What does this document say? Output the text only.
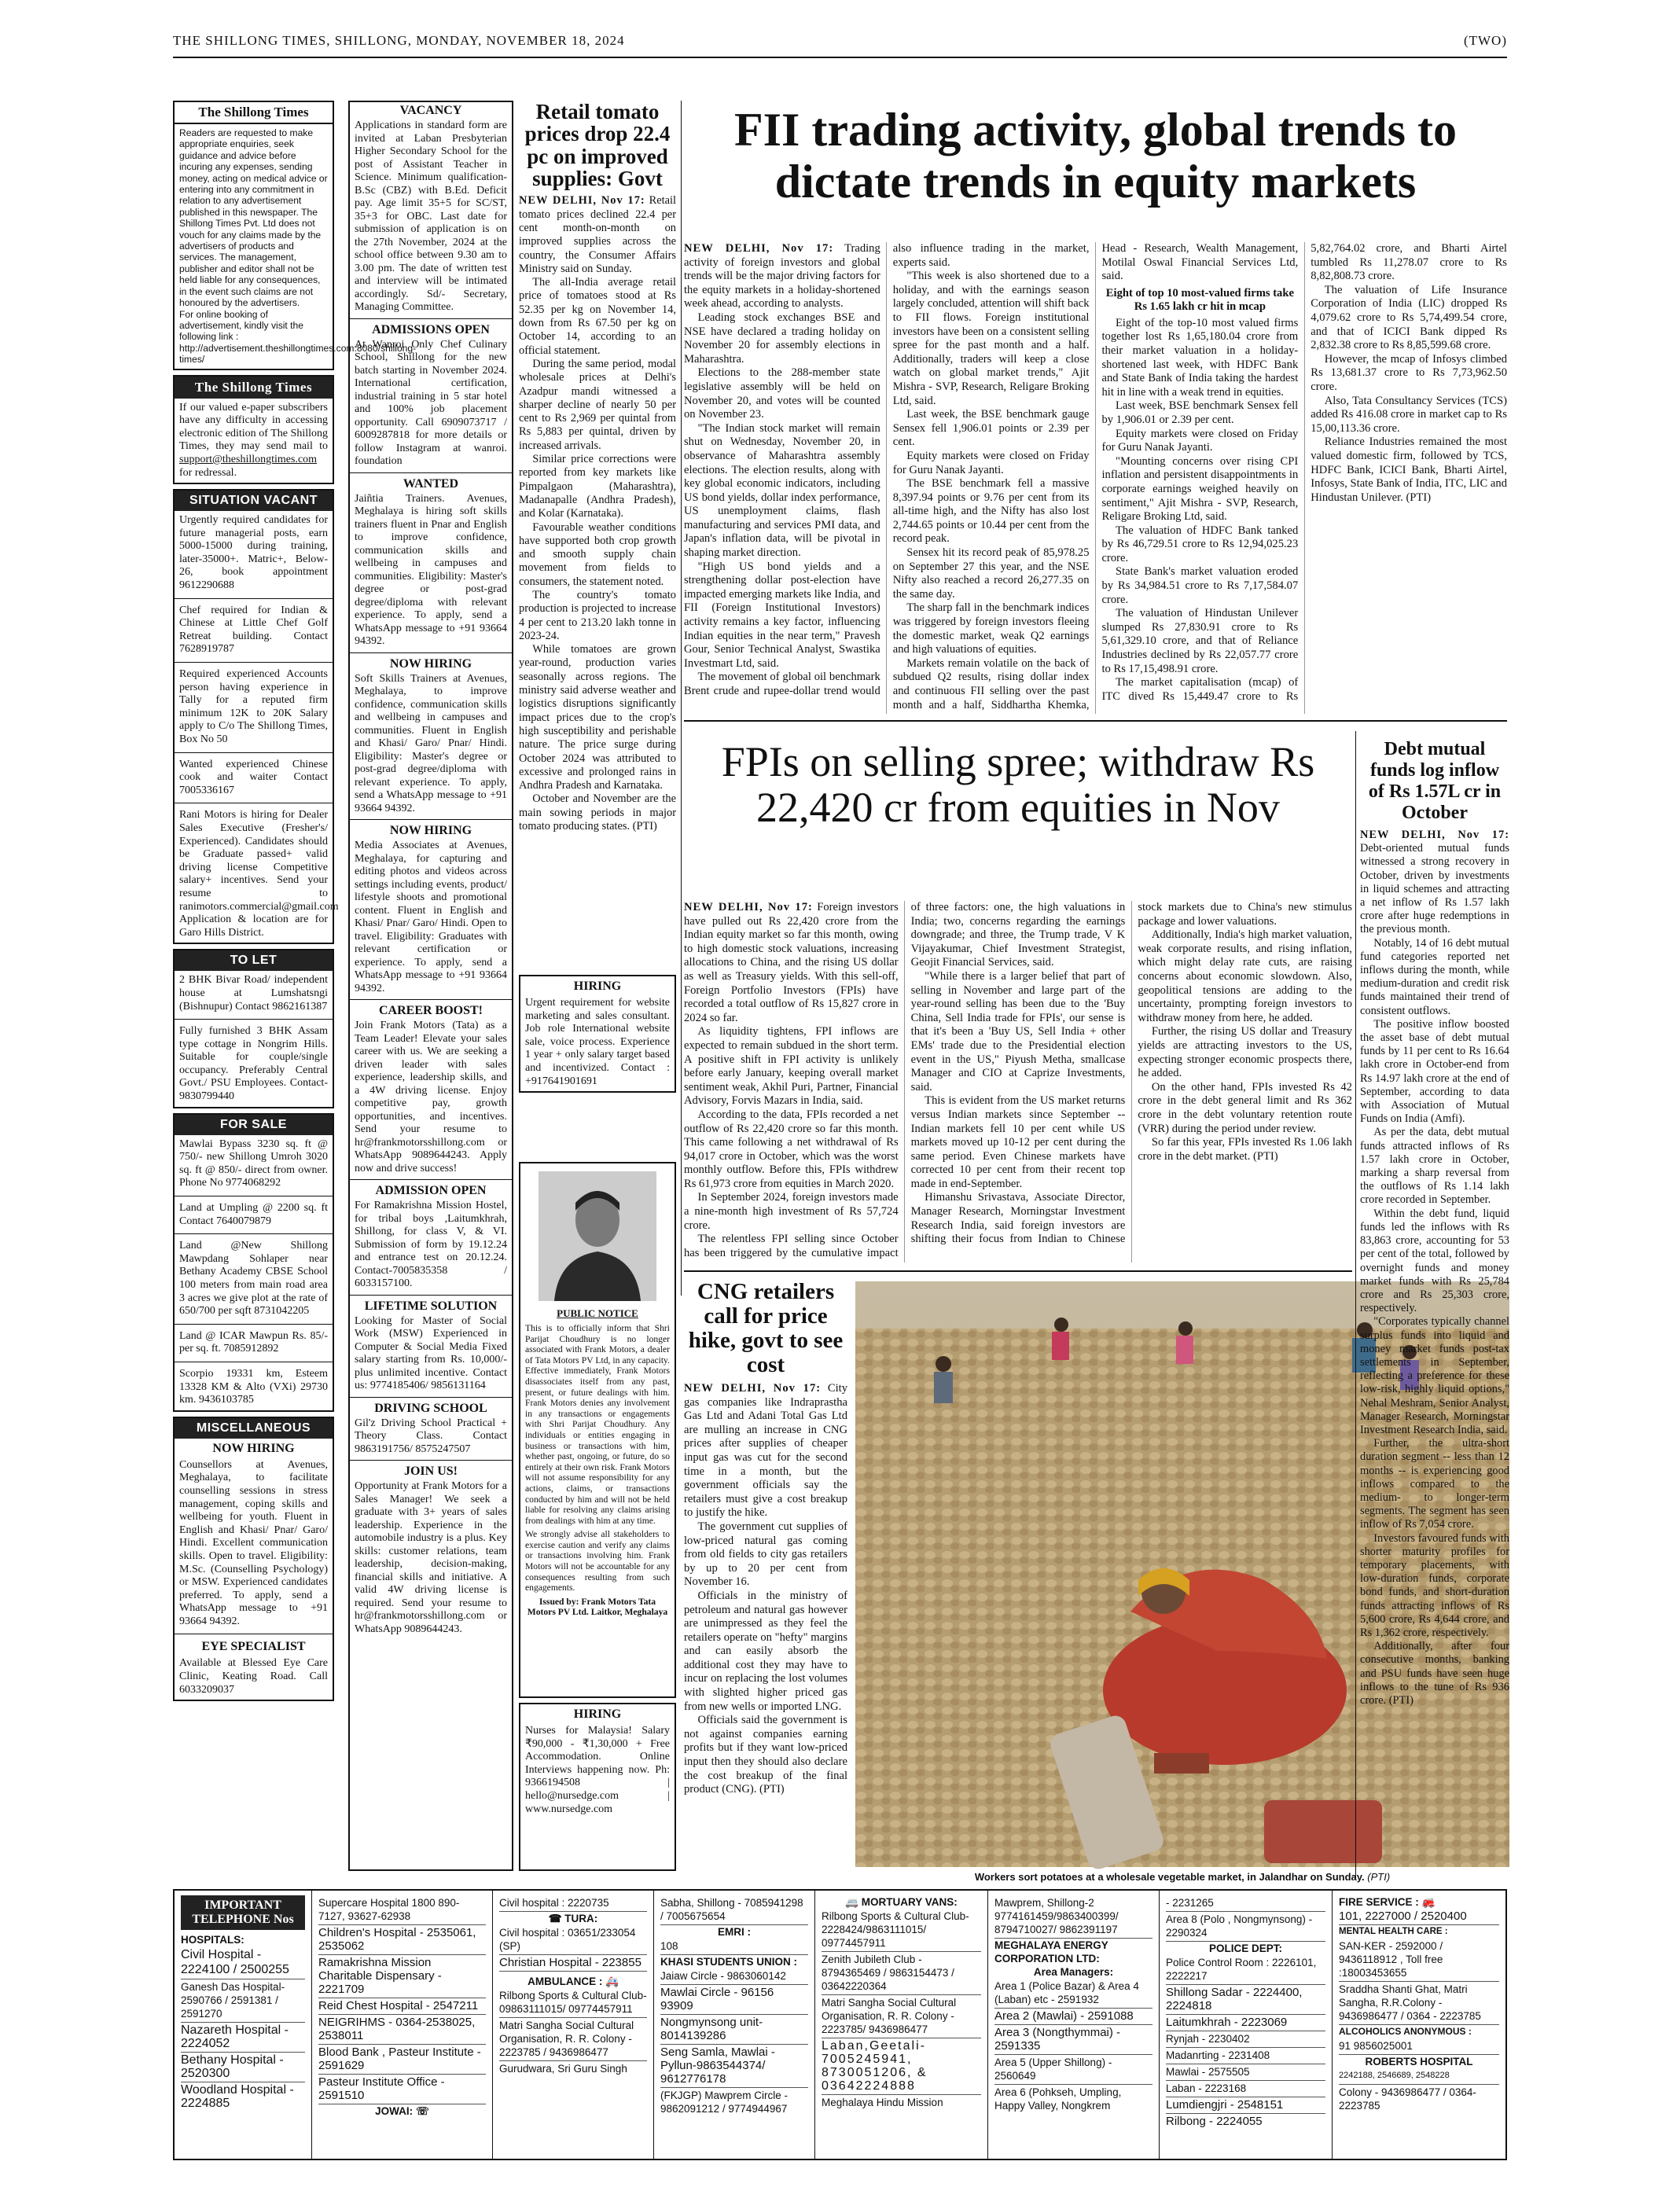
THE SHILLONG TIMES, SHILLONG, MONDAY, NOVEMBER 18, 2024	(TWO)
The Shillong Times
Readers are requested to make appropriate enquiries, seek guidance and advice before incuring any expenses, sending money, acting on medical advice or entering into any commitment in relation to any advertisement published in this newspaper. The Shillong Times Pvt. Ltd does not vouch for any claims made by the advertisers of products and services. The management, publisher and editor shall not be held liable for any consequences, in the event such claims are not honoured by the advertisers.
For online booking of advertisement, kindly visit the following link :
http://advertisement.theshillongtimes.com:8080/shillong-times/
The Shillong Times
If our valued e-paper subscribers have any difficulty in accessing electronic edition of The Shillong Times, they may send mail to support@theshillongtimes.com for redressal.
SITUATION VACANT
Urgently required candidates for future managerial posts, earn 5000-15000 during training, later-35000+. Matric+, Below-26, book appointment 9612290688
Chef required for Indian & Chinese at Little Chef Golf Retreat building. Contact 7628919787
Required experienced Accounts person having experience in Tally for a reputed firm minimum 12K to 20K Salary apply to C/o The Shillong Times, Box No 50
Wanted experienced Chinese cook and waiter Contact 7005336167
Rani Motors is hiring for Dealer Sales Executive (Fresher's/ Experienced). Candidates should be Graduate passed+ valid driving license Competitive salary+ incentives. Send your resume to ranimotors.commercial@gmail.com Application & location are for Garo Hills District.
TO LET
2 BHK Bivar Road/ independent house at Lumshatsngi (Bishnupur) Contact 9862161387
Fully furnished 3 BHK Assam type cottage in Nongrim Hills. Suitable for couple/single occupancy. Preferably Central Govt./ PSU Employees. Contact- 9830799440
FOR SALE
Mawlai Bypass 3230 sq. ft @ 750/- new Shillong Umroh 3020 sq. ft @ 850/- direct from owner. Phone No 9774068292
Land at Umpling @ 2200 sq. ft Contact 7640079879
Land @New Shillong Mawpdang Sohlaper near Bethany Academy CBSE School 100 meters from main road area 3 acres we give plot at the rate of 650/700 per sqft 8731042205
Land @ ICAR Mawpun Rs. 85/- per sq. ft. 7085912892
Scorpio 19331 km, Esteem 13328 KM & Alto (VXi) 29730 km. 9436103785
MISCELLANEOUS
NOW HIRING
Counsellors at Avenues, Meghalaya, to facilitate counselling sessions in stress management, coping skills and wellbeing for youth. Fluent in English and Khasi/ Pnar/ Garo/ Hindi. Excellent communication skills. Open to travel. Eligibility: M.Sc. (Counselling Psychology) or MSW. Experienced candidates preferred. To apply, send a WhatsApp message to +91 93664 94392.
EYE SPECIALIST
Available at Blessed Eye Care Clinic, Keating Road. Call 6033209037
VACANCY
Applications in standard form are invited at Laban Presbyterian Higher Secondary School for the post of Assistant Teacher in Science. Minimum qualification- B.Sc (CBZ) with B.Ed. Deficit pay. Age limit 35+5 for SC/ST, 35+3 for OBC. Last date for submission of application is on the 27th November, 2024 at the school office between 9.30 am to 3.00 pm. The date of written test and interview will be intimated accordingly. Sd/- Secretary, Managing Committee.
ADMISSIONS OPEN
At Wanroi Only Chef Culinary School, Shillong for the new batch starting in November 2024. International certification, industrial training in 5 star hotel and 100% job placement opportunity. Call 6909073717 / 6009287818 for more details or follow Instagram at wanroi. foundation
WANTED
Jaiñtia Trainers. Avenues, Meghalaya is hiring soft skills trainers fluent in Pnar and English to improve confidence, communication skills and wellbeing in campuses and communities. Eligibility: Master's degree or post-grad degree/diploma with relevant experience. To apply, send a WhatsApp message to +91 93664 94392.
NOW HIRING
Soft Skills Trainers at Avenues, Meghalaya, to improve confidence, communication skills and wellbeing in campuses and communities. Fluent in English and Khasi/ Garo/ Pnar/ Hindi. Eligibility: Master's degree or post-grad degree/diploma with relevant experience. To apply, send a WhatsApp message to +91 93664 94392.
NOW HIRING
Media Associates at Avenues, Meghalaya, for capturing and editing photos and videos across settings including events, product/ lifestyle shoots and promotional content. Fluent in English and Khasi/ Pnar/ Garo/ Hindi. Open to travel. Eligibility: Graduates with relevant certification or experience. To apply, send a WhatsApp message to +91 93664 94392.
CAREER BOOST!
Join Frank Motors (Tata) as a Team Leader! Elevate your sales career with us. We are seeking a driven leader with sales experience, leadership skills, and a 4W driving license. Enjoy competitive pay, growth opportunities, and incentives. Send your resume to hr@frankmotorsshillong.com or WhatsApp 9089644243. Apply now and drive success!
ADMISSION OPEN
For Ramakrishna Mission Hostel, for tribal boys ,Laitumkhrah, Shillong, for class V, & VI. Submission of form by 19.12.24 and entrance test on 20.12.24. Contact-7005835358 / 6033157100.
LIFETIME SOLUTION
Looking for Master of Social Work (MSW) Experienced in Computer & Social Media Fixed salary starting from Rs. 10,000/- plus unlimited incentive. Contact us: 9774185406/ 9856131164
DRIVING SCHOOL
Gil'z Driving School Practical + Theory Class. Contact 9863191756/ 8575247507
JOIN US!
Opportunity at Frank Motors for a Sales Manager! We seek a graduate with 3+ years of sales leadership. Experience in the automobile industry is a plus. Key skills: customer relations, team leadership, decision-making, financial skills and initiative. A valid 4W driving license is required. Send your resume to hr@frankmotorsshillong.com or WhatsApp 9089644243.
Retail tomato prices drop 22.4 pc on improved supplies: Govt
NEW DELHI, Nov 17: Retail tomato prices declined 22.4 per cent month-on-month on improved supplies across the country, the Consumer Affairs Ministry said on Sunday.

The all-India average retail price of tomatoes stood at Rs 52.35 per kg on November 14, down from Rs 67.50 per kg on October 14, according to an official statement.

During the same period, modal wholesale prices at Delhi's Azadpur mandi witnessed a sharper decline of nearly 50 per cent to Rs 2,969 per quintal from Rs 5,883 per quintal, driven by increased arrivals.

Similar price corrections were reported from key markets like Pimpalgaon (Maharashtra), Madanapalle (Andhra Pradesh), and Kolar (Karnataka).

Favourable weather conditions have supported both crop growth and smooth supply chain movement from fields to consumers, the statement noted.

The country's tomato production is projected to increase 4 per cent to 213.20 lakh tonne in 2023-24.

While tomatoes are grown year-round, production varies seasonally across regions. The ministry said adverse weather and logistics disruptions significantly impact prices due to the crop's high susceptibility and perishable nature. The price surge during October 2024 was attributed to excessive and prolonged rains in Andhra Pradesh and Karnataka.

October and November are the main sowing periods in major tomato producing states. (PTI)

HIRING
Urgent requirement for website marketing and sales consultant. Job role International website sale, voice process. Experience 1 year + only salary target based and incentivized. Contact : +917641901691
PUBLIC NOTICE
This is to officially inform that Shri Parijat Choudhury is no longer associated with Frank Motors, a dealer of Tata Motors PV Ltd, in any capacity. Effective immediately, Frank Motors disassociates itself from any past, present, or future dealings with him. Frank Motors denies any involvement in any transactions or engagements with Shri Parijat Choudhury. Any individuals or entities engaging in business or transactions with him, whether past, ongoing, or future, do so entirely at their own risk. Frank Motors will not assume responsibility for any actions, claims, or transactions conducted by him and will not be held liable for resolving any claims arising from dealings with him at any time.
We strongly advise all stakeholders to exercise caution and verify any claims or transactions involving him. Frank Motors will not be accountable for any consequences resulting from such engagements.
Issued by: Frank Motors Tata Motors PV Ltd. Laitkor, Meghalaya
HIRING
Nurses for Malaysia! Salary ₹90,000 - ₹1,30,000 + Free Accommodation. Online Interviews happening now. Ph: 9366194508 | hello@nursedge.com | www.nursedge.com
FII trading activity, global trends to dictate trends in equity markets
NEW DELHI, Nov 17: Trading activity of foreign investors and global trends will be the major driving factors for the equity markets in a holiday-shortened week ahead, according to analysts.

Leading stock exchanges BSE and NSE have declared a trading holiday on November 20 for assembly elections in Maharashtra.

Elections to the 288-member state legislative assembly will be held on November 20, and votes will be counted on November 23.

"The Indian stock market will remain shut on Wednesday, November 20, in observance of Maharashtra assembly elections. The election results, along with key global economic indicators, including US bond yields, dollar index performance, US unemployment claims, flash manufacturing and services PMI data, and Japan's inflation data, will be pivotal in shaping market direction.

"High US bond yields and a strengthening dollar post-election have impacted emerging markets like India, and FII (Foreign Institutional Investors) activity remains a key factor, influencing Indian equities in the near term," Pravesh Gour, Senior Technical Analyst, Swastika Investmart Ltd, said.

The movement of global oil benchmark Brent crude and rupee-dollar trend would also influence trading in the market, experts said.

"This week is also shortened due to a holiday, and with the earnings season largely concluded, attention will shift back to FII flows. Foreign institutional investors have been on a consistent selling spree for the past month and a half. Additionally, traders will keep a close watch on global market trends," Ajit Mishra - SVP, Research, Religare Broking Ltd, said.

Last week, the BSE benchmark gauge Sensex fell 1,906.01 points or 2.39 per cent.

Equity markets were closed on Friday for Guru Nanak Jayanti.

The BSE benchmark fell a massive 8,397.94 points or 9.76 per cent from its all-time high, and the Nifty has also lost 2,744.65 points or 10.44 per cent from the record peak.

Sensex hit its record peak of 85,978.25 on September 27 this year, and the NSE Nifty also reached a record 26,277.35 on the same day.

The sharp fall in the benchmark indices was triggered by foreign investors fleeing the domestic market, weak Q2 earnings and high valuations of equities.

Markets remain volatile on the back of subdued Q2 results, rising dollar index and continuous FII selling over the past month and a half, Siddhartha Khemka, Head - Research, Wealth Management, Motilal Oswal Financial Services Ltd, said.

Eight of top 10 most-valued firms take Rs 1.65 lakh cr hit in mcap

Eight of the top-10 most valued firms together lost Rs 1,65,180.04 crore from their market valuation in a holiday-shortened last week, with HDFC Bank and State Bank of India taking the hardest hit in line with a weak trend in equities.

Last week, BSE benchmark Sensex fell by 1,906.01 or 2.39 per cent.

Equity markets were closed on Friday for Guru Nanak Jayanti.

"Mounting concerns over rising CPI inflation and persistent disappointments in corporate earnings weighed heavily on sentiment," Ajit Mishra - SVP, Research, Religare Broking Ltd, said.

The valuation of HDFC Bank tanked by Rs 46,729.51 crore to Rs 12,94,025.23 crore.

State Bank's market valuation eroded by Rs 34,984.51 crore to Rs 7,17,584.07 crore.

The valuation of Hindustan Unilever slumped Rs 27,830.91 crore to Rs 5,61,329.10 crore, and that of Reliance Industries declined by Rs 22,057.77 crore to Rs 17,15,498.91 crore.

The market capitalisation (mcap) of ITC dived Rs 15,449.47 crore to Rs 5,82,764.02 crore, and Bharti Airtel tumbled Rs 11,278.07 crore to Rs 8,82,808.73 crore.

The valuation of Life Insurance Corporation of India (LIC) dropped Rs 4,079.62 crore to Rs 5,74,499.54 crore, and that of ICICI Bank dipped Rs 2,832.38 crore to Rs 8,85,599.68 crore.

However, the mcap of Infosys climbed Rs 13,681.37 crore to Rs 7,73,962.50 crore.

Also, Tata Consultancy Services (TCS) added Rs 416.08 crore in market cap to Rs 15,00,113.36 crore.

Reliance Industries remained the most valued domestic firm, followed by TCS, HDFC Bank, ICICI Bank, Bharti Airtel, Infosys, State Bank of India, ITC, LIC and Hindustan Unilever. (PTI)

FPIs on selling spree; withdraw Rs 22,420 cr from equities in Nov
NEW DELHI, Nov 17: Foreign investors have pulled out Rs 22,420 crore from the Indian equity market so far this month, owing to high domestic stock valuations, increasing allocations to China, and the rising US dollar as well as Treasury yields. With this sell-off, Foreign Portfolio Investors (FPIs) have recorded a total outflow of Rs 15,827 crore in 2024 so far.

As liquidity tightens, FPI inflows are expected to remain subdued in the short term. A positive shift in FPI activity is unlikely before early January, keeping overall market sentiment weak, Akhil Puri, Partner, Financial Advisory, Forvis Mazars in India, said.

According to the data, FPIs recorded a net outflow of Rs 22,420 crore so far this month. This came following a net withdrawal of Rs 94,017 crore in October, which was the worst monthly outflow. Before this, FPIs withdrew Rs 61,973 crore from equities in March 2020.

In September 2024, foreign investors made a nine-month high investment of Rs 57,724 crore.

The relentless FPI selling since October has been triggered by the cumulative impact of three factors: one, the high valuations in India; two, concerns regarding the earnings downgrade; and three, the Trump trade, V K Vijayakumar, Chief Investment Strategist, Geojit Financial Services, said.

"While there is a larger belief that part of selling in November and large part of the year-round selling has been due to the 'Buy China, Sell India trade for FPIs', our sense is that it's been a 'Buy US, Sell India + other EMs' trade due to the Presidential election event in the US," Piyush Metha, smallcase Manager and CIO at Caprize Investments, said.

This is evident from the US market returns versus Indian markets since September -- Indian markets fell 10 per cent while US markets moved up 10-12 per cent during the same period. Even Chinese markets have corrected 10 per cent from their recent top made in end-September.

Himanshu Srivastava, Associate Director, Manager Research, Morningstar Investment Research India, said foreign investors are shifting their focus from Indian to Chinese stock markets due to China's new stimulus package and lower valuations.

Additionally, India's high market valuation, weak corporate results, and rising inflation, which might delay rate cuts, are raising concerns about economic slowdown. Also, geopolitical tensions are adding to the uncertainty, prompting foreign investors to withdraw money from here, he added.

Further, the rising US dollar and Treasury yields are attracting investors to the US, expecting stronger economic prospects there, he added.

On the other hand, FPIs invested Rs 42 crore in the debt general limit and Rs 362 crore in the debt voluntary retention route (VRR) during the period under review.

So far this year, FPIs invested Rs 1.06 lakh crore in the debt market. (PTI)

CNG retailers call for price hike, govt to see cost
NEW DELHI, Nov 17: City gas companies like Indraprastha Gas Ltd and Adani Total Gas Ltd are mulling an increase in CNG prices after supplies of cheaper input gas was cut for the second time in a month, but the government officials say the retailers must give a cost breakup to justify the hike.

The government cut supplies of low-priced natural gas coming from old fields to city gas retailers by up to 20 per cent from November 16.

Officials in the ministry of petroleum and natural gas however are unimpressed as they feel the retailers operate on "hefty" margins and can easily absorb the additional cost they may have to incur on replacing the lost volumes with slighted higher priced gas from new wells or imported LNG.

Officials said the government is not against companies earning profits but if they want low-priced input then they should also declare the cost breakup of the final product (CNG). (PTI)

Workers sort potatoes at a wholesale vegetable market, in Jalandhar on Sunday. (PTI)
Debt mutual funds log inflow of Rs 1.57L cr in October
NEW DELHI, Nov 17: Debt-oriented mutual funds witnessed a strong recovery in October, driven by investments in liquid schemes and attracting a net inflow of Rs 1.57 lakh crore after huge redemptions in the previous month.

Notably, 14 of 16 debt mutual fund categories reported net inflows during the month, while medium-duration and credit risk funds maintained their trend of consistent outflows.

The positive inflow boosted the asset base of debt mutual funds by 11 per cent to Rs 16.64 lakh crore in October-end from Rs 14.97 lakh crore at the end of September, according to data with Association of Mutual Funds on India (Amfi).

As per the data, debt mutual funds attracted inflows of Rs 1.57 lakh crore in October, marking a sharp reversal from the outflows of Rs 1.14 lakh crore recorded in September.

Within the debt fund, liquid funds led the inflows with Rs 83,863 crore, accounting for 53 per cent of the total, followed by overnight funds and money market funds with Rs 25,784 crore and Rs 25,303 crore, respectively.

"Corporates typically channel surplus funds into liquid and money market funds post-tax settlements in September, reflecting a preference for these low-risk, highly liquid options," Nehal Meshram, Senior Analyst, Manager Research, Morningstar Investment Research India, said.

Further, the ultra-short duration segment -- less than 12 months -- is experiencing good inflows compared to the medium- to longer-term segments. The segment has seen inflow of Rs 7,054 crore.

Investors favoured funds with shorter maturity profiles for temporary placements, with low-duration funds, corporate bond funds, and short-duration funds attracting inflows of Rs 5,600 crore, Rs 4,644 crore, and Rs 1,362 crore, respectively.

Additionally, after four consecutive months, banking and PSU funds have seen huge inflows to the tune of Rs 936 crore. (PTI)

IMPORTANT TELEPHONE Nos
HOSPITALS:
Civil Hospital - 2224100 / 2500255
Ganesh Das Hospital- 2590766 / 2591381 / 2591270
Nazareth Hospital - 2224052
Bethany Hospital - 2520300
Woodland Hospital - 2224885
Supercare Hospital 1800 890-7127, 93627-62938
Children's Hospital - 2535061, 2535062
Ramakrishna Mission Charitable Dispensary - 2221709
Reid Chest Hospital - 2547211
NEIGRIHMS - 0364-2538025, 2538011
Blood Bank , Pasteur Institute - 2591629
Pasteur Institute Office - 2591510
JOWAI: ☏
Civil hospital : 2220735
☎ TURA:
Civil hospital : 03651/233054 (SP)
Christian Hospital - 223855
AMBULANCE : 🚑
Rilbong Sports & Cultural Club- 09863111015/ 09774457911
Matri Sangha Social Cultural Organisation, R. R. Colony - 2223785 / 9436986477
Gurudwara, Sri Guru Singh
Sabha, Shillong - 7085941298 / 7005675654
EMRI :
108
KHASI STUDENTS UNION :
Jaiaw Circle - 9863060142
Mawlai Circle - 96156 93909
Nongmynsong unit- 8014139286
Seng Samla, Mawlai - Pyllun-9863544374/ 9612776178
(FKJGP) Mawprem Circle - 9862091212 / 9774944967
🚐 MORTUARY VANS:
Rilbong Sports & Cultural Club-2228424/9863111015/ 09774457911
Zenith Jubileth Club - 8794365469 / 9863154473 / 03642220364
Matri Sangha Social Cultural Organisation, R. R. Colony - 2223785/ 9436986477
Laban,Geetali-7005245941, 8730051206, & 03642224888
Meghalaya Hindu Mission
Mawprem, Shillong-2 9774161459/9863400399/ 8794710027/ 9862391197
MEGHALAYA ENERGY CORPORATION LTD:
Area Managers:
Area 1 (Police Bazar) & Area 4 (Laban) etc - 2591932
Area 2 (Mawlai) - 2591088
Area 3 (Nongthymmai) - 2591335
Area 5 (Upper Shillong) - 2560649
Area 6 (Pohkseh, Umpling, Happy Valley, Nongkrem
- 2231265
Area 8 (Polo , Nongmynsong) - 2290324
POLICE DEPT:
Police Control Room : 2226101, 2222217
Shillong Sadar - 2224400, 2224818
Laitumkhrah - 2223069
Rynjah - 2230402
Madanrting - 2231408
Mawlai - 2575505
Laban - 2223168
Lumdiengjri - 2548151
Rilbong - 2224055
FIRE SERVICE : 🚒
101, 2227000 / 2520400
MENTAL HEALTH CARE :
SAN-KER - 2592000 / 9436118912 , Toll free :18003453655
Sraddha Shanti Ghat, Matri Sangha, R.R.Colony - 9436986477 / 0364 - 2223785
ALCOHOLICS ANONYMOUS :
91 9856025001
ROBERTS HOSPITAL
2242188, 2546689, 2548228
Colony - 9436986477 / 0364-2223785
